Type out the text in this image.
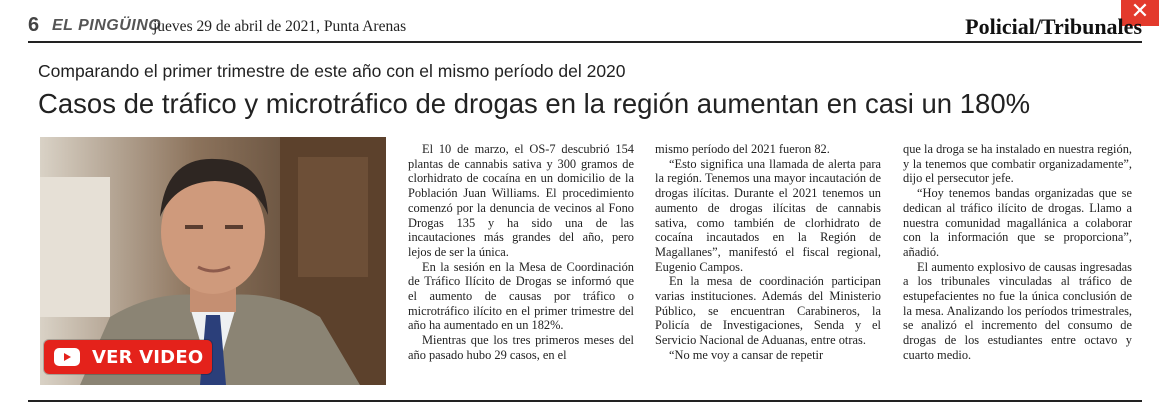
✕
6 EL PINGÜINO
jueves 29 de abril de 2021, Punta Arenas	Policial/Tribunales
Comparando el primer trimestre de este año con el mismo período del 2020
Casos de tráfico y microtráfico de drogas en la región aumentan en casi un 180%
VER VIDEO

El 10 de marzo, el OS-7 descubrió 154 plantas de cannabis sativa y 300 gramos de clorhidrato de cocaína en un domicilio de la Población Juan Williams. El procedimiento comenzó por la denuncia de vecinos al Fono Drogas 135 y ha sido una de las incautaciones más grandes del año, pero lejos de ser la única.

En la sesión en la Mesa de Coordinación de Tráfico Ilícito de Drogas se informó que el aumento de causas por tráfico o microtráfico ilícito en el primer trimestre del año ha aumentado en un 182%.

Mientras que los tres primeros meses del año pasado hubo 29 casos, en el

mismo período del 2021 fueron 82.

“Esto significa una llamada de alerta para la región. Tenemos una mayor incautación de drogas ilícitas. Durante el 2021 tenemos un aumento de drogas ilícitas de cannabis sativa, como también de clorhidrato de cocaína incautados en la Región de Magallanes”, manifestó el fiscal regional, Eugenio Campos.

En la mesa de coordinación participan varias instituciones. Además del Ministerio Público, se encuentran Carabineros, la Policía de Investigaciones, Senda y el Servicio Nacional de Aduanas, entre otras.

“No me voy a cansar de repetir

que la droga se ha instalado en nuestra región, y la tenemos que combatir organizadamente”, dijo el persecutor jefe.

“Hoy tenemos bandas organizadas que se dedican al tráfico ilícito de drogas. Llamo a nuestra comunidad magallánica a colaborar con la información que se proporciona”, añadió.

El aumento explosivo de causas ingresadas a los tribunales vinculadas al tráfico de estupefacientes no fue la única conclusión de la mesa. Analizando los períodos trimestrales, se analizó el incremento del consumo de drogas de los estudiantes entre octavo y cuarto medio.
